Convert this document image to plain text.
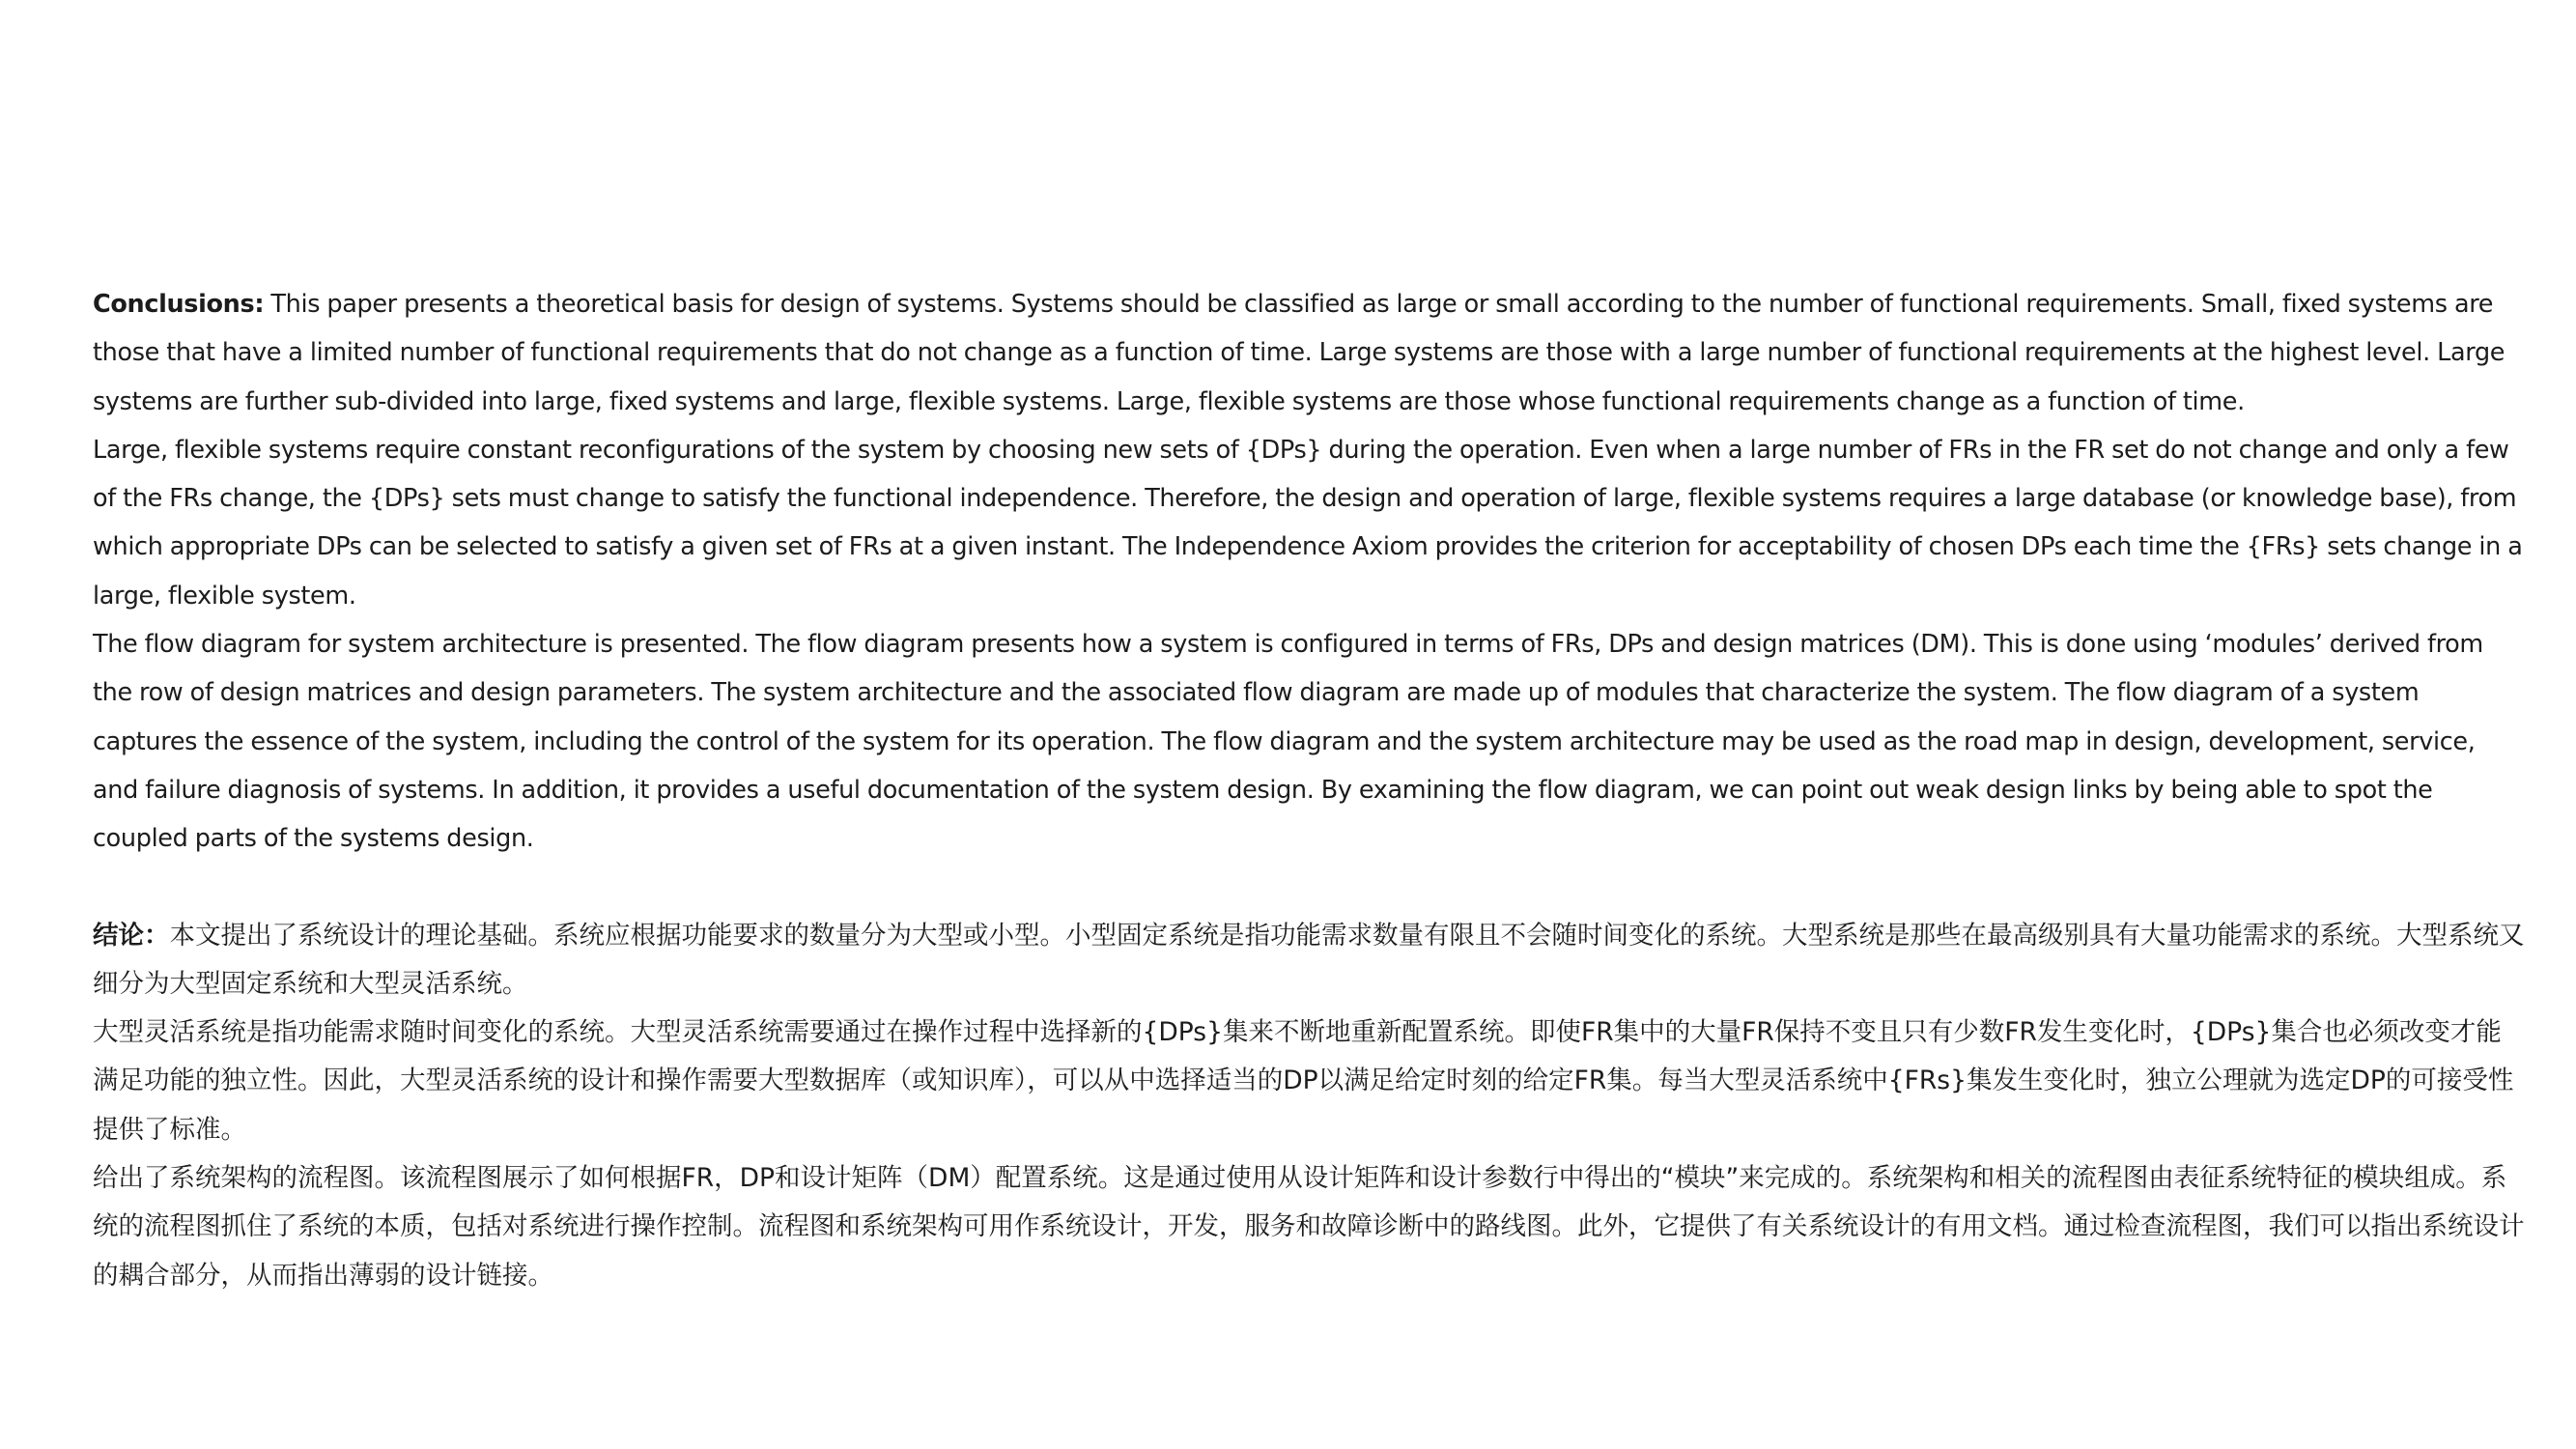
Conclusions: This paper presents a theoretical basis for design of systems. Systems should be classified as large or small according to the number of functional requirements. Small, fixed systems are those that have a limited number of functional requirements that do not change as a function of time. Large systems are those with a large number of functional requirements at the highest level. Large systems are further sub-divided into large, fixed systems and large, flexible systems. Large, flexible systems are those whose functional requirements change as a function of time.

Large, flexible systems require constant reconfigurations of the system by choosing new sets of {DPs} during the operation. Even when a large number of FRs in the FR set do not change and only a few of the FRs change, the {DPs} sets must change to satisfy the functional independence. Therefore, the design and operation of large, flexible systems requires a large database (or knowledge base), from which appropriate DPs can be selected to satisfy a given set of FRs at a given instant. The Independence Axiom provides the criterion for acceptability of chosen DPs each time the {FRs} sets change in a large, flexible system.

The flow diagram for system architecture is presented. The flow diagram presents how a system is configured in terms of FRs, DPs and design matrices (DM). This is done using ‘modules’ derived from the row of design matrices and design parameters. The system architecture and the associated flow diagram are made up of modules that characterize the system. The flow diagram of a system captures the essence of the system, including the control of the system for its operation. The flow diagram and the system architecture may be used as the road map in design, development, service, and failure diagnosis of systems. In addition, it provides a useful documentation of the system design. By examining the flow diagram, we can point out weak design links by being able to spot the coupled parts of the systems design.

结论：本文提出了系统设计的理论基础。系统应根据功能要求的数量分为大型或小型。小型固定系统是指功能需求数量有限且不会随时间变化的系统。大型系统是那些在最高级别具有大量功能需求的系统。大型系统又细分为大型固定系统和大型灵活系统。

大型灵活系统是指功能需求随时间变化的系统。大型灵活系统需要通过在操作过程中选择新的{DPs}集来不断地重新配置系统。即使FR集中的大量FR保持不变且只有少数FR发生变化时，{DPs}集合也必须改变才能满足功能的独立性。因此，大型灵活系统的设计和操作需要大型数据库（或知识库），可以从中选择适当的DP以满足给定时刻的给定FR集。每当大型灵活系统中{FRs}集发生变化时，独立公理就为选定DP的可接受性提供了标准。

给出了系统架构的流程图。该流程图展示了如何根据FR，DP和设计矩阵（DM）配置系统。这是通过使用从设计矩阵和设计参数行中得出的“模块”来完成的。系统架构和相关的流程图由表征系统特征的模块组成。系统的流程图抓住了系统的本质，包括对系统进行操作控制。流程图和系统架构可用作系统设计，开发，服务和故障诊断中的路线图。此外，它提供了有关系统设计的有用文档。通过检查流程图，我们可以指出系统设计的耦合部分，从而指出薄弱的设计链接。
